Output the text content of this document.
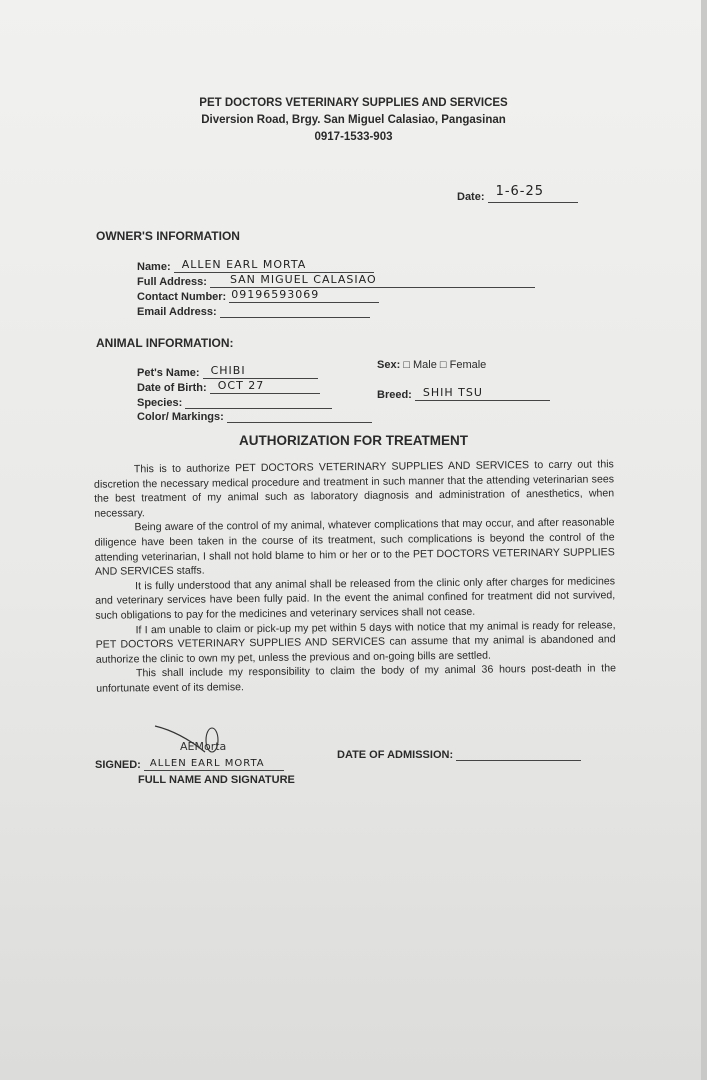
PET DOCTORS VETERINARY SUPPLIES AND SERVICES
Diversion Road, Brgy. San Miguel Calasiao, Pangasinan
0917-1533-903
Date: 1-6-25
OWNER'S INFORMATION
Name: ALLEN EARL MORTA
Full Address: SAN MIGUEL CALASIAO
Contact Number: 09196593069
Email Address:
ANIMAL INFORMATION:
Pet's Name: CHIBI
Date of Birth: OCT 27
Species:
Color/ Markings:
Sex: □ Male □ Female
Breed: SHIH TSU
AUTHORIZATION FOR TREATMENT

This is to authorize PET DOCTORS VETERINARY SUPPLIES AND SERVICES to carry out this discretion the necessary medical procedure and treatment in such manner that the attending veterinarian sees the best treatment of my animal such as laboratory diagnosis and administration of anesthetics, when necessary.

Being aware of the control of my animal, whatever complications that may occur, and after reasonable diligence have been taken in the course of its treatment, such complications is beyond the control of the attending veterinarian, I shall not hold blame to him or her or to the PET DOCTORS VETERINARY SUPPLIES AND SERVICES staffs.

It is fully understood that any animal shall be released from the clinic only after charges for medicines and veterinary services have been fully paid. In the event the animal confined for treatment did not survived, such obligations to pay for the medicines and veterinary services shall not cease.

If I am unable to claim or pick-up my pet within 5 days with notice that my animal is ready for release, PET DOCTORS VETERINARY SUPPLIES AND SERVICES can assume that my animal is abandoned and authorize the clinic to own my pet, unless the previous and on-going bills are settled.

This shall include my responsibility to claim the body of my animal 36 hours post-death in the unfortunate event of its demise.

AEMorta
SIGNED: ALLEN EARL MORTA
FULL NAME AND SIGNATURE
DATE OF ADMISSION:
